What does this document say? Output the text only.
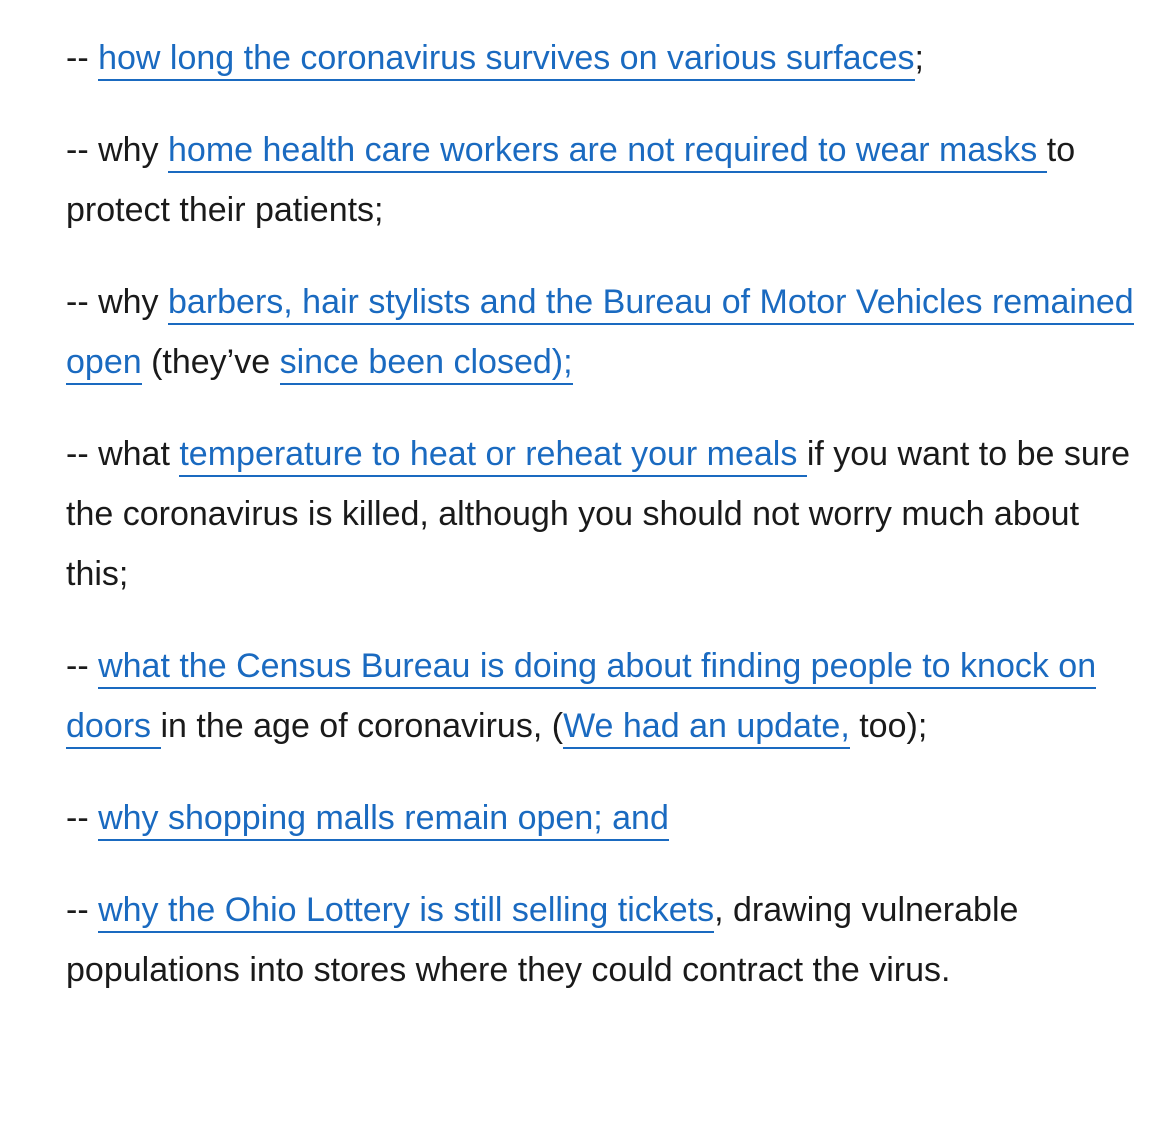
-- how long the coronavirus survives on various surfaces;

-- why home health care workers are not required to wear masks to protect their patients;

-- why barbers, hair stylists and the Bureau of Motor Vehicles remained open (they’ve since been closed);

-- what temperature to heat or reheat your meals if you want to be sure the coronavirus is killed, although you should not worry much about this;

-- what the Census Bureau is doing about finding people to knock on doors in the age of coronavirus, (We had an update, too);

-- why shopping malls remain open; and

-- why the Ohio Lottery is still selling tickets, drawing vulnerable populations into stores where they could contract the virus.
